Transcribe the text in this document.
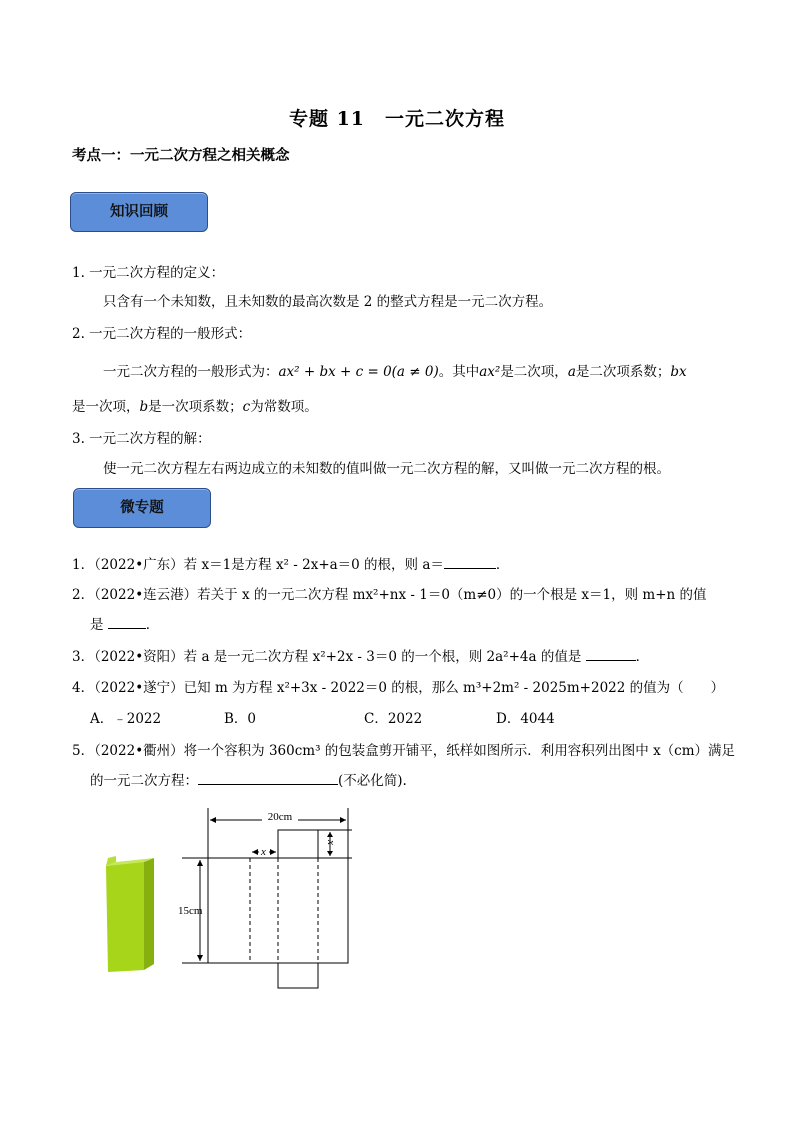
专题 11　一元二次方程
考点一：一元二次方程之相关概念
知识回顾
1. 一元二次方程的定义：
只含有一个未知数，且未知数的最高次数是 2 的整式方程是一元二次方程。
2. 一元二次方程的一般形式：
一元二次方程的一般形式为：ax² + bx + c = 0(a ≠ 0)。其中ax²是二次项，a是二次项系数；bx
是一次项，b是一次项系数；c为常数项。
3. 一元二次方程的解：
使一元二次方程左右两边成立的未知数的值叫做一元二次方程的解，又叫做一元二次方程的根。
微专题
1．（2022•广东）若 x＝1是方程 x² - 2x+a＝0 的根，则 a＝	．
2．（2022•连云港）若关于 x 的一元二次方程 mx²+nx - 1＝0（m≠0）的一个根是 x＝1，则 m+n 的值
是	．
3．（2022•资阳）若 a 是一元二次方程 x²+2x - 3＝0 的一个根，则 2a²+4a 的值是	．
4．（2022•遂宁）已知 m 为方程 x²+3x - 2022＝0 的根，那么 m³+2m² - 2025m+2022 的值为（　　）
A．﹣2022	B．0	C．2022	D．4044
5．（2022•衢州）将一个容积为 360cm³ 的包装盒剪开铺平，纸样如图所示．利用容积列出图中 x（cm）满足
的一元二次方程：	(不必化简).
20cm
15cm
x
x
